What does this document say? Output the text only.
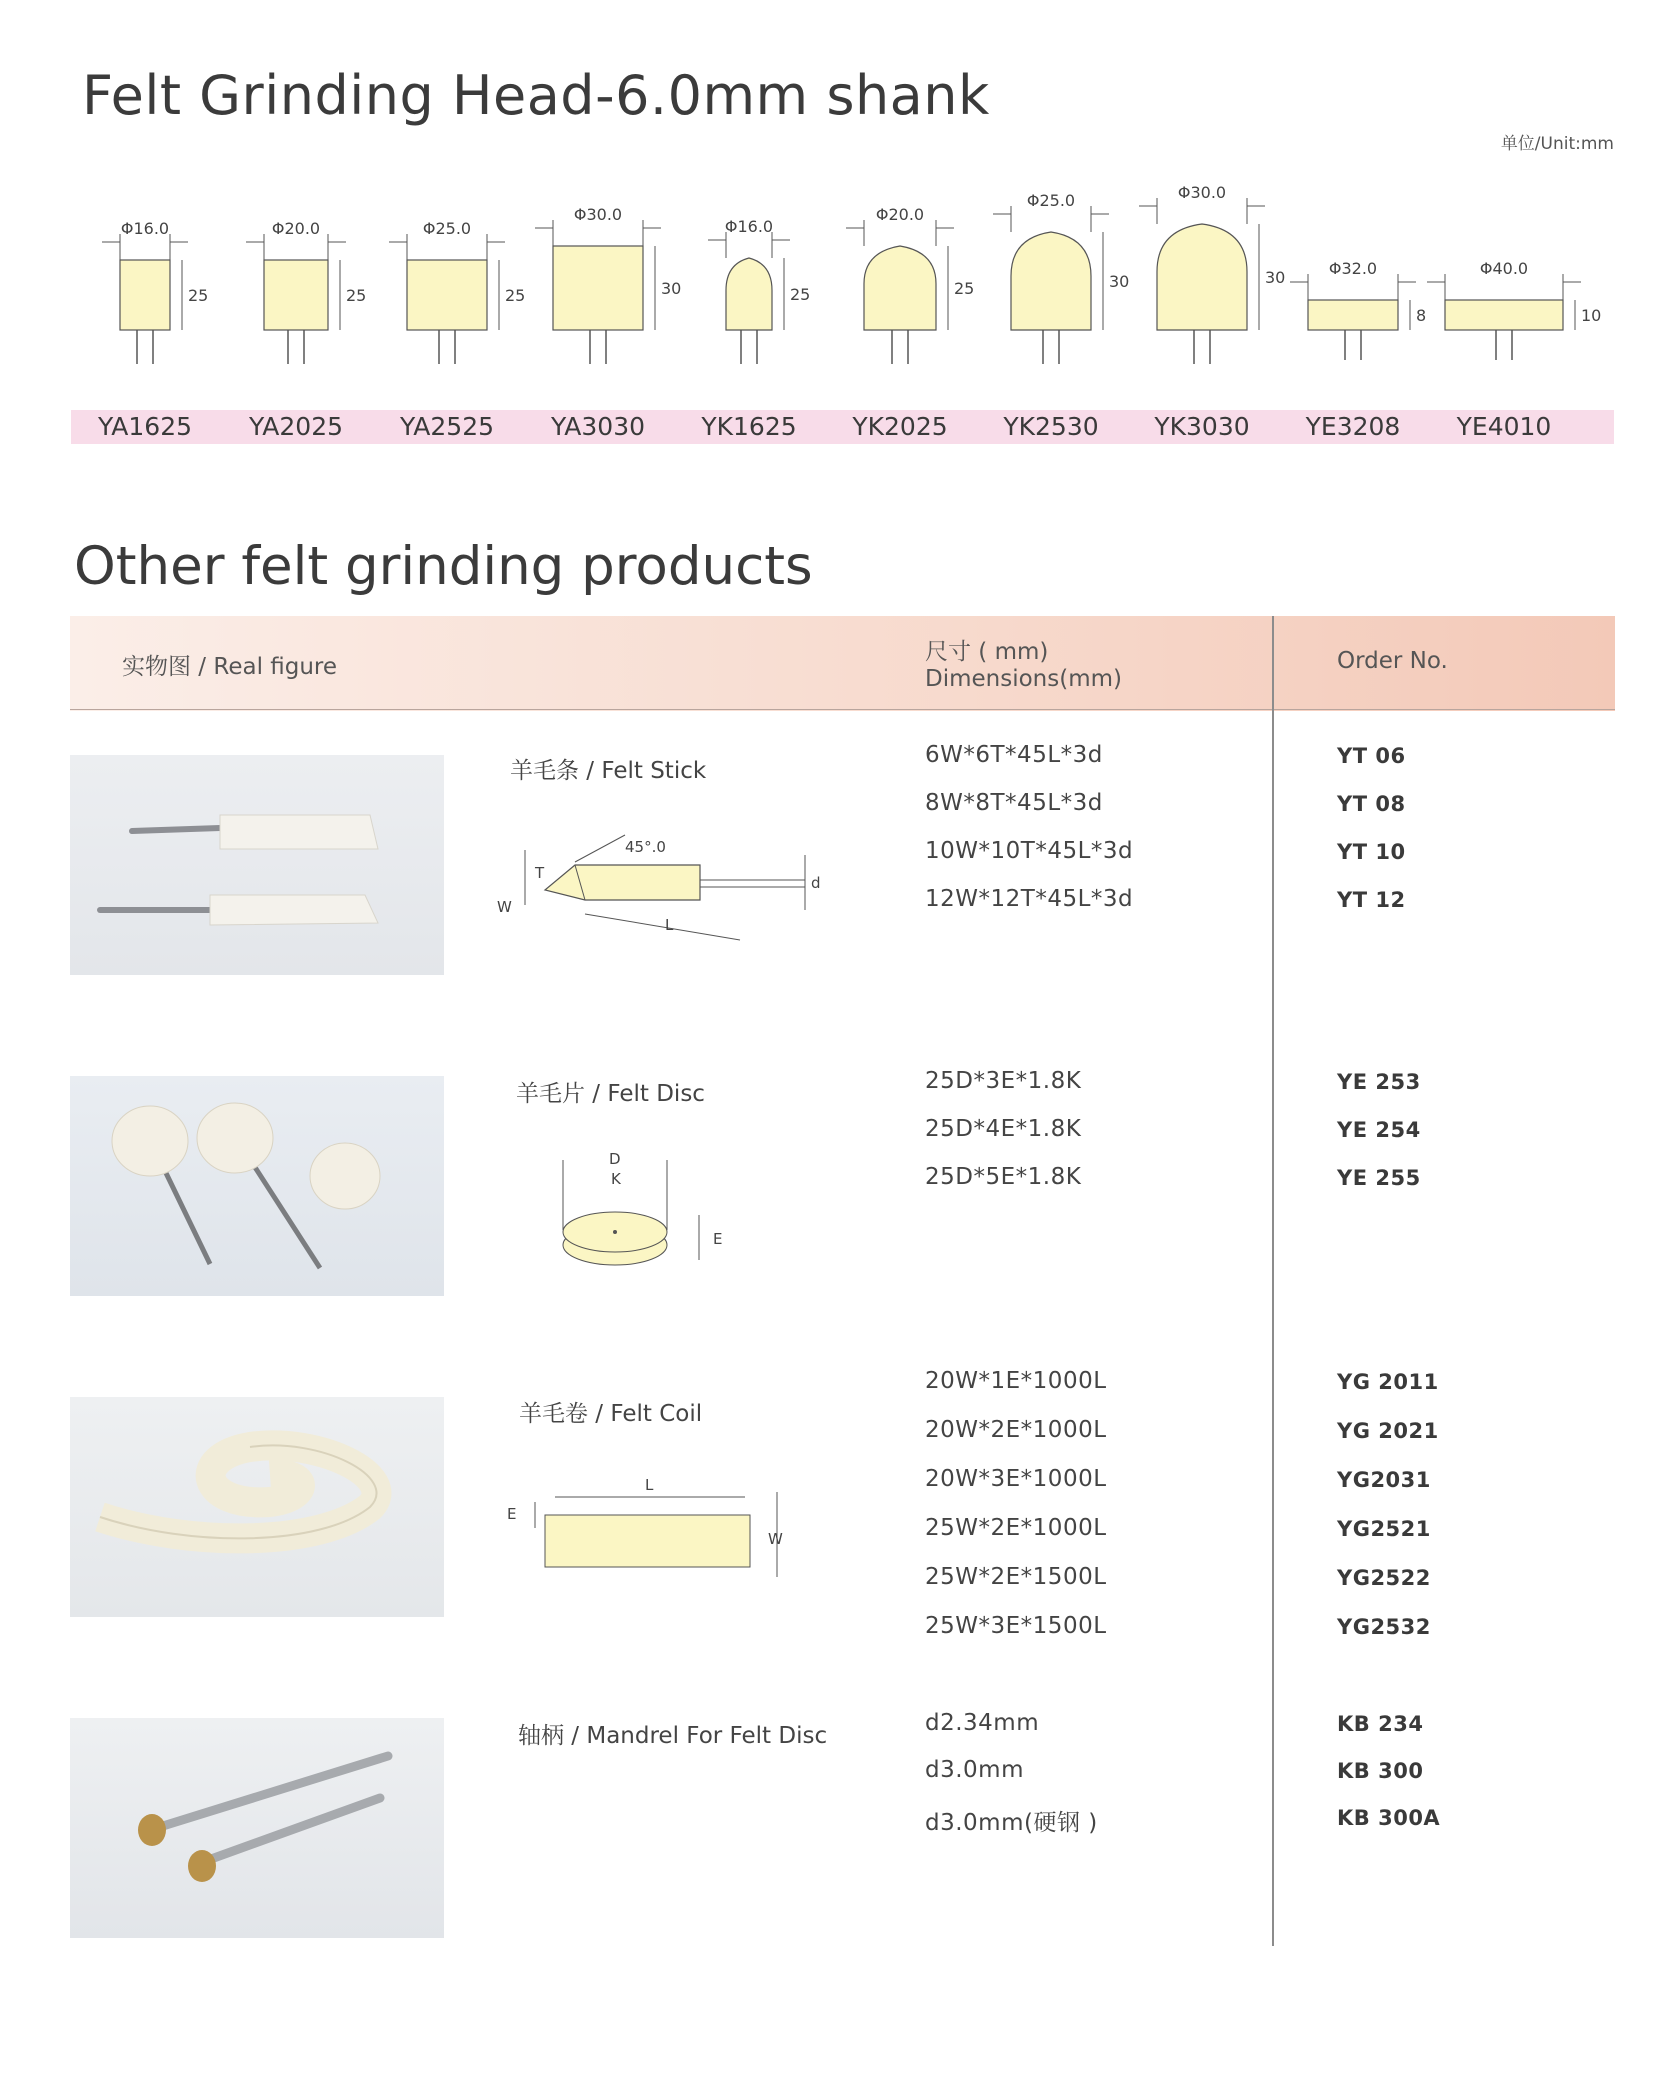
Felt Grinding Head-6.0mm shank
单位/Unit:mm
Φ16.0
25
Φ20.0
25
Φ25.0
25
Φ30.0
30
Φ16.0
25
Φ20.0
25
Φ25.0
30
Φ30.0
30	Φ32.0
8
Φ40.0
10
YA1625	YA2025	YA2525	YA3030	YK1625	YK2025	YK2530	YK3030	YE3208	YE4010
Other felt grinding products
实物图 / Real figure
尺寸 ( mm)
Dimensions(mm)
Order No.
羊毛条 / Felt Stick
45°.0
T
W
d
L
羊毛片 / Felt Disc
D
K
E
羊毛卷 / Felt Coil
L
E
W
轴柄 / Mandrel For Felt Disc
6W*6T*45L*3d	YT 06
8W*8T*45L*3d	YT 08
10W*10T*45L*3d	YT 10
12W*12T*45L*3d	YT 12
25D*3E*1.8K	YE 253
25D*4E*1.8K	YE 254
25D*5E*1.8K	YE 255
20W*1E*1000L	YG 2011
20W*2E*1000L	YG 2021
20W*3E*1000L	YG2031
25W*2E*1000L	YG2521
25W*2E*1500L	YG2522
25W*3E*1500L	YG2532
d2.34mm	KB 234
d3.0mm	KB 300
d3.0mm(硬钢 )	KB 300A
